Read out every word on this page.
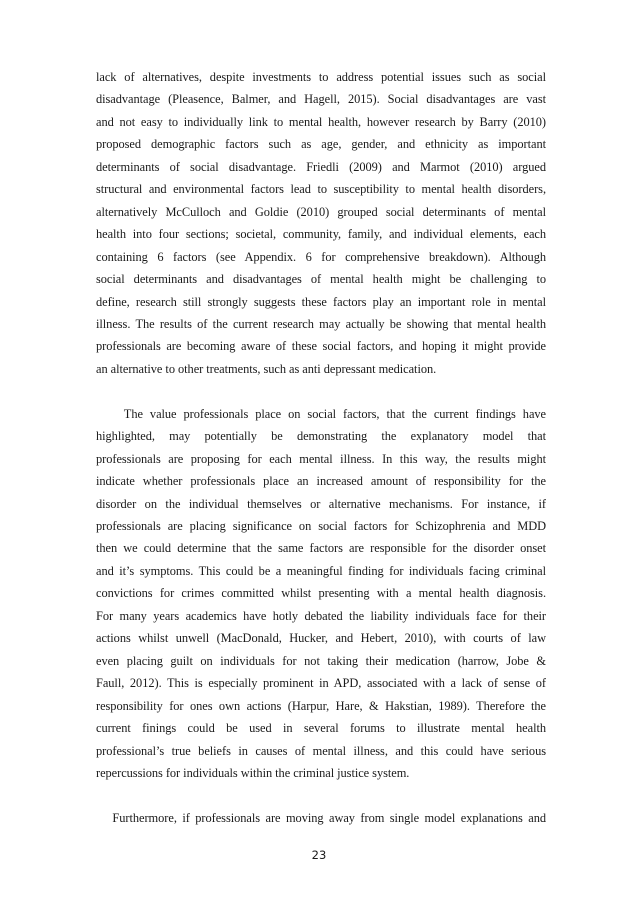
lack of alternatives, despite investments to address potential issues such as social
disadvantage (Pleasence, Balmer, and Hagell, 2015). Social disadvantages are vast
and not easy to individually link to mental health, however research by Barry (2010)
proposed demographic factors such as age, gender, and ethnicity as important
determinants of social disadvantage. Friedli (2009) and Marmot (2010) argued
structural and environmental factors lead to susceptibility to mental health disorders,
alternatively McCulloch and Goldie (2010) grouped social determinants of mental
health into four sections; societal, community, family, and individual elements, each
containing 6 factors (see Appendix. 6 for comprehensive breakdown). Although
social determinants and disadvantages of mental health might be challenging to
define, research still strongly suggests these factors play an important role in mental
illness. The results of the current research may actually be showing that mental health
professionals are becoming aware of these social factors, and hoping it might provide
an alternative to other treatments, such as anti depressant medication.
The value professionals place on social factors, that the current findings have
highlighted, may potentially be demonstrating the explanatory model that
professionals are proposing for each mental illness. In this way, the results might
indicate whether professionals place an increased amount of responsibility for the
disorder on the individual themselves or alternative mechanisms. For instance, if
professionals are placing significance on social factors for Schizophrenia and MDD
then we could determine that the same factors are responsible for the disorder onset
and it’s symptoms. This could be a meaningful finding for individuals facing criminal
convictions for crimes committed whilst presenting with a mental health diagnosis.
For many years academics have hotly debated the liability individuals face for their
actions whilst unwell (MacDonald, Hucker, and Hebert, 2010), with courts of law
even placing guilt on individuals for not taking their medication (harrow, Jobe &
Faull, 2012). This is especially prominent in APD, associated with a lack of sense of
responsibility for ones own actions (Harpur, Hare, & Hakstian, 1989). Therefore the
current finings could be used in several forums to illustrate mental health
professional’s true beliefs in causes of mental illness, and this could have serious
repercussions for individuals within the criminal justice system.
Furthermore, if professionals are moving away from single model explanations and
23
